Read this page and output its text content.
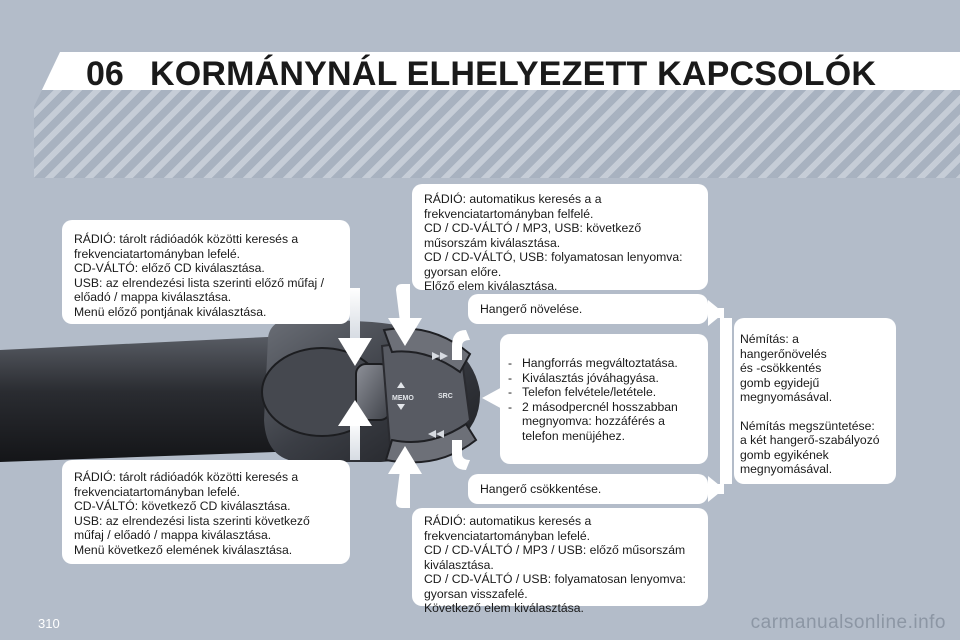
06 KORMÁNYNÁL ELHELYEZETT KAPCSOLÓK
MEMO	SRC

RÁDIÓ: tárolt rádióadók közötti keresés a
frekvenciatartományban lefelé.
CD-VÁLTÓ: előző CD kiválasztása.
USB: az elrendezési lista szerinti előző műfaj /
előadó / mappa kiválasztása.
Menü előző pontjának kiválasztása.

RÁDIÓ: tárolt rádióadók közötti keresés a
frekvenciatartományban lefelé.
CD-VÁLTÓ: következő CD kiválasztása.
USB: az elrendezési lista szerinti következő
műfaj / előadó / mappa kiválasztása.
Menü következő elemének kiválasztása.

RÁDIÓ: automatikus keresés a a
frekvenciatartományban felfelé.
CD / CD-VÁLTÓ / MP3, USB: következő
műsorszám kiválasztása.
CD / CD-VÁLTÓ, USB: folyamatosan lenyomva:
gyorsan előre.
Előző elem kiválasztása.

RÁDIÓ: automatikus keresés a
frekvenciatartományban lefelé.
CD / CD-VÁLTÓ / MP3 / USB: előző műsorszám
kiválasztása.
CD / CD-VÁLTÓ / USB: folyamatosan lenyomva:
gyorsan visszafelé.
Következő elem kiválasztása.

Hangerő növelése.

Hangerő csökkentése.

- Hangforrás megváltoztatása.
- Kiválasztás jóváhagyása.
- Telefon felvétele/letétele.
- 2 másodpercnél hosszabban megnyomva: hozzáférés a telefon menüjéhez.

Némítás: a
hangerőnövelés
és -csökkentés
gomb egyidejű
megnyomásával.

Némítás megszüntetése:
a két hangerő-szabályozó
gomb egyikének
megnyomásával.

310	carmanualsonline.info
